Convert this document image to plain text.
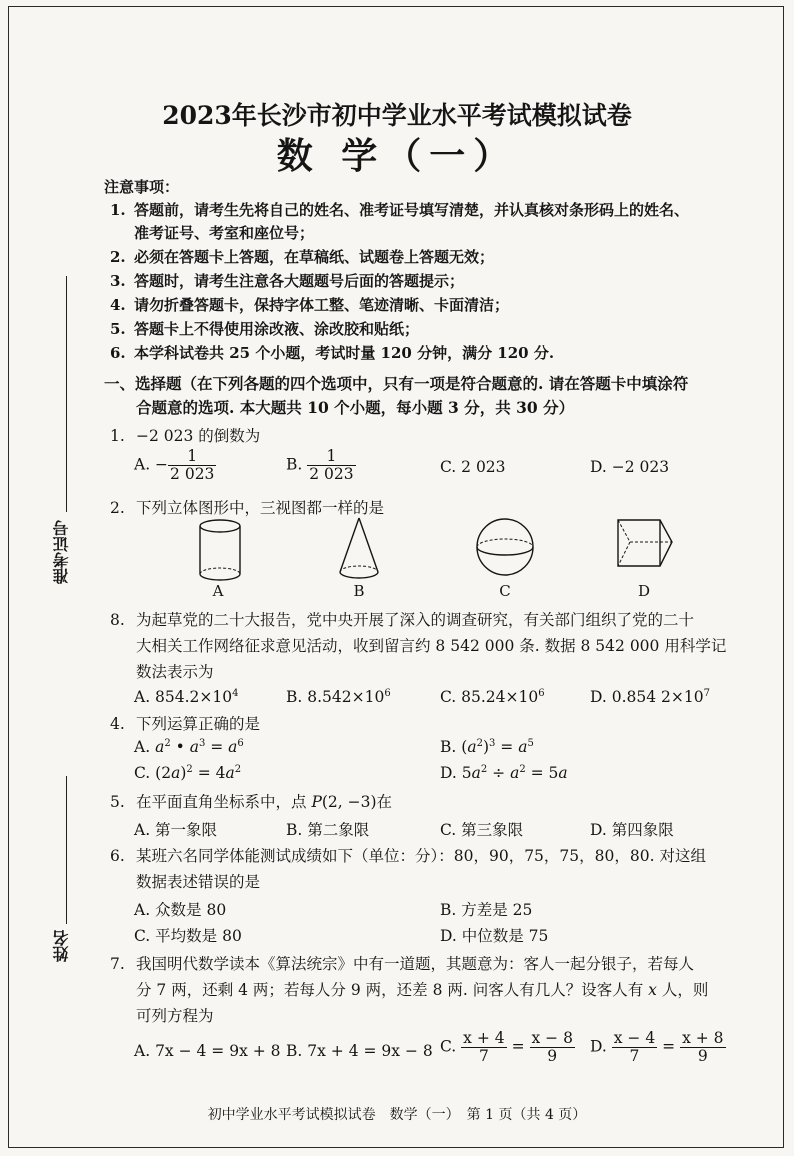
准考证号
姓名
2023年长沙市初中学业水平考试模拟试卷
数 学（一）
注意事项：
1. 答题前，请考生先将自己的姓名、准考证号填写清楚，并认真核对条形码上的姓名、
准考证号、考室和座位号；
2. 必须在答题卡上答题，在草稿纸、试题卷上答题无效；
3. 答题时，请考生注意各大题题号后面的答题提示；
4. 请勿折叠答题卡，保持字体工整、笔迹清晰、卡面清洁；
5. 答题卡上不得使用涂改液、涂改胶和贴纸；
6. 本学科试卷共 25 个小题，考试时量 120 分钟，满分 120 分.
一、选择题（在下列各题的四个选项中，只有一项是符合题意的. 请在答题卡中填涂符
合题意的选项. 本大题共 10 个小题，每小题 3 分，共 30 分）
1. −2 023 的倒数为
A. − $\frac{1}{2 023}$	B. $\frac{1}{2 023}$	C. 2 023	D. −2 023
2. 下列立体图形中，三视图都一样的是
A	B	C	D
8. 为起草党的二十大报告，党中央开展了深入的调查研究，有关部门组织了党的二十
大相关工作网络征求意见活动，收到留言约 8 542 000 条. 数据 8 542 000 用科学记
数法表示为
A. $854.2\times 10^4$	B. $8.542\times 10^6$	C. $85.24\times 10^6$	D. 0.854 $2\times 10^7$
4. 下列运算正确的是
A. $a^2$ • $a^3 = a^6$	B. $(a^2)^3 = a^5$
C. $(2a)^2 = 4a^2$	D. $5a^2 \div a^2 = 5a$
5. 在平面直角坐标系中，点 P(2, −3)在
A. 第一象限	B. 第二象限	C. 第三象限	D. 第四象限
6. 某班六名同学体能测试成绩如下（单位：分）：80，90，75，75，80，80. 对这组
数据表述错误的是
A. 众数是 80	B. 方差是 25
C. 平均数是 80	D. 中位数是 75
7. 我国明代数学读本《算法统宗》中有一道题，其题意为：客人一起分银子，若每人
分 7 两，还剩 4 两；若每人分 9 两，还差 8 两. 问客人有几人？设客人有 x 人，则
可列方程为
A. 7x − 4 = 9x + 8 B. 7x + 4 = 9x − 8 C. $\frac{x + 4}{7} = \frac{x - 8}{9} D$. $\frac{x - 4}{7} = \frac{x + 8}{9}$
初中学业水平考试模拟试卷　数学（一）　第 1 页（共 4 页）
